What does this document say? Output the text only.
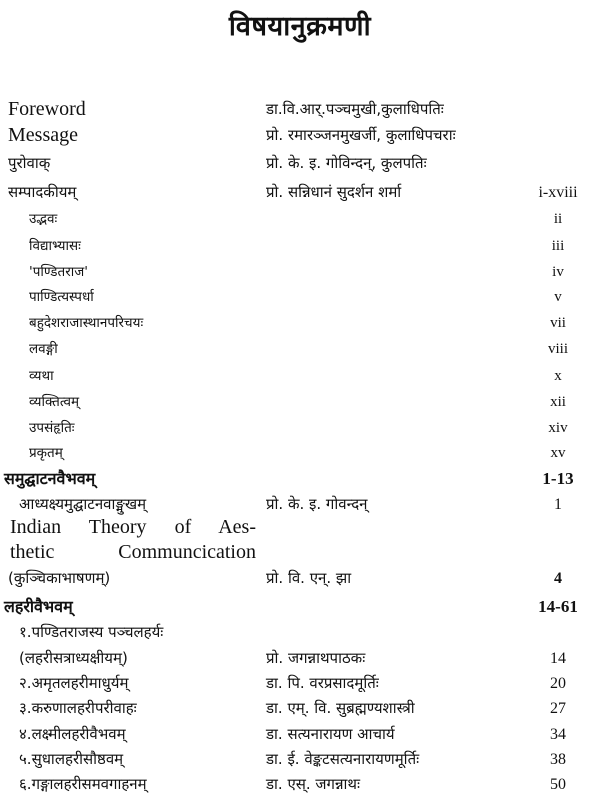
विषयानुक्रमणी
Foreword	डा.वि.आर्.पञ्चमुखी,कुलाधिपतिः
Message	प्रो. रमारञ्जनमुखर्जी, कुलाधिपचराः
पुरोवाक्	प्रो. के. इ. गोविन्दन्, कुलपतिः
सम्पादकीयम्	प्रो. सन्निधानं सुदर्शन शर्मा	i-xviii
उद्भवः	ii
विद्याभ्यासः	iii
'पण्डितराज'	iv
पाण्डित्यस्पर्धा	v
बहुदेशराजास्थानपरिचयः	vii
लवङ्गी	viii
व्यथा	x
व्यक्तित्वम्	xii
उपसंहृतिः	xiv
प्रकृतम्	xv
समुद्घाटनवैभवम्	1-13
आध्यक्ष्यमुद्घाटनवाङ्मुखम्	प्रो. के. इ. गोवन्दन्	1
Indian Theory of Aes-
thetic Communcication
(कुञ्चिकाभाषणम्)	प्रो. वि. एन्. झा	4
लहरीवैभवम्	14-61
१.पण्डितराजस्य पञ्चलहर्यः
(लहरीसत्राध्यक्षीयम्)	प्रो. जगन्नाथपाठकः	14
२.अमृतलहरीमाधुर्यम्	डा. पि. वरप्रसादमूर्तिः	20
३.करुणालहरीपरीवाहः	डा. एम्. वि. सुब्रह्मण्यशास्त्री	27
४.लक्ष्मीलहरीवैभवम्	डा. सत्यनारायण आचार्य	34
५.सुधालहरीसौष्ठवम्	डा. ई. वेङ्कटसत्यनारायणमूर्तिः	38
६.गङ्गालहरीसमवगाहनम्	डा. एस्. जगन्नाथः	50
